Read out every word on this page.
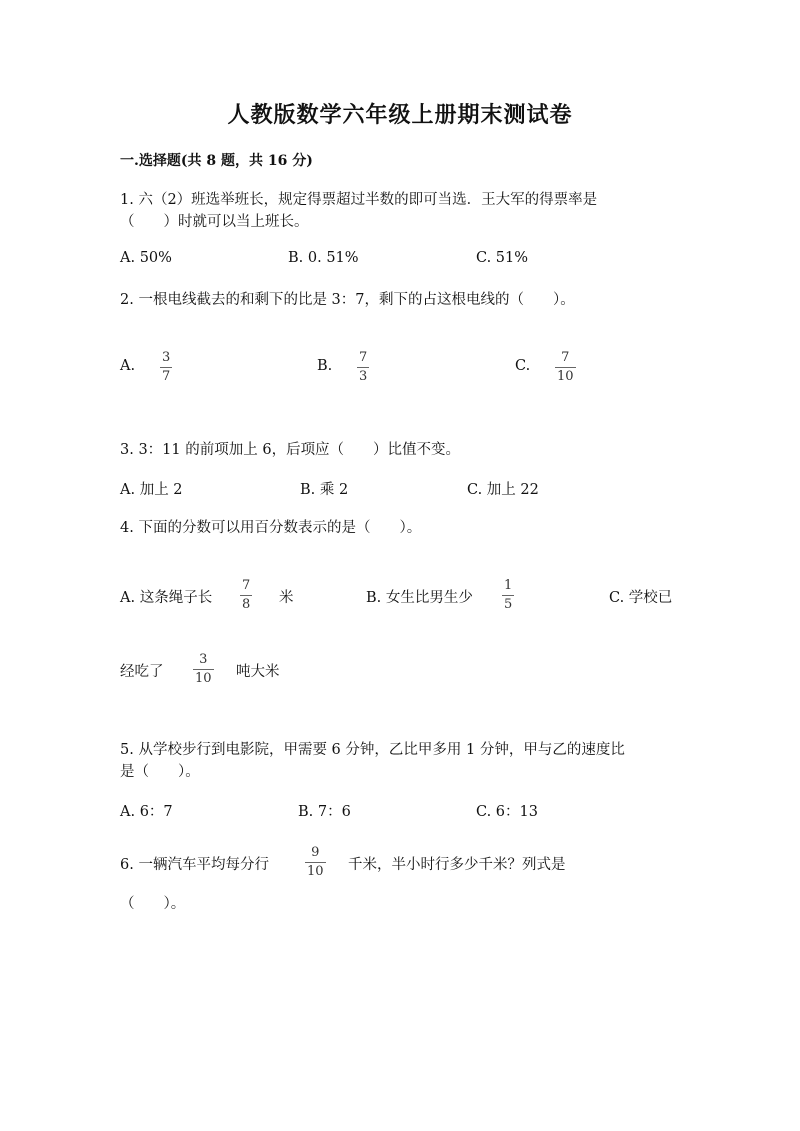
人教版数学六年级上册期末测试卷
一.选择题(共 8 题，共 16 分)
1. 六（2）班选举班长，规定得票超过半数的即可当选．王大军的得票率是
（　　）时就可以当上班长。
A. 50%	B. 0. 51%	C. 51%
2. 一根电线截去的和剩下的比是 3：7，剩下的占这根电线的（　　）。
A.
3
7
B.
7
3
C.
7
10
3. 3：11 的前项加上 6，后项应（　　）比值不变。
A. 加上 2	B. 乘 2	C. 加上 22
4. 下面的分数可以用百分数表示的是（　　）。
A. 这条绳子长
7
8 米	B. 女生比男生少
1
5	C. 学校已
经吃了
3
10 吨大米
5. 从学校步行到电影院，甲需要 6 分钟，乙比甲多用 1 分钟，甲与乙的速度比
是（　　）。
A. 6：7	B. 7：6	C. 6：13
6. 一辆汽车平均每分行
9
10 千米，半小时行多少千米？列式是
（　　）。
